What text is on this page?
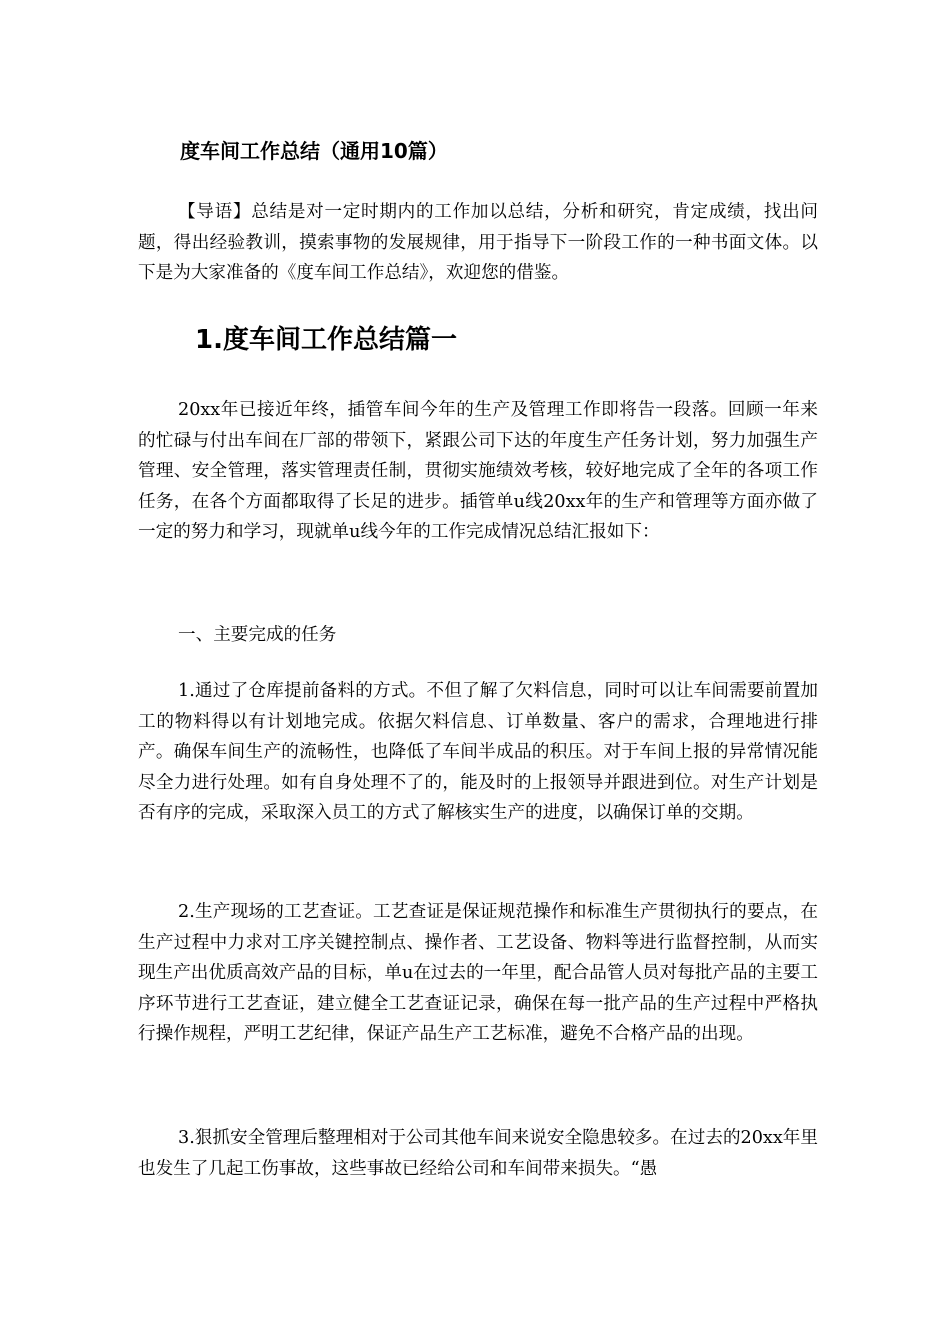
度车间工作总结（通用10篇）

【导语】总结是对一定时期内的工作加以总结，分析和研究，肯定成绩，找出问题，得出经验教训，摸索事物的发展规律，用于指导下一阶段工作的一种书面文体。以下是为大家准备的《度车间工作总结》，欢迎您的借鉴。

1.度车间工作总结篇一

20xx年已接近年终，插管车间今年的生产及管理工作即将告一段落。回顾一年来的忙碌与付出车间在厂部的带领下，紧跟公司下达的年度生产任务计划，努力加强生产管理、安全管理，落实管理责任制，贯彻实施绩效考核，较好地完成了全年的各项工作任务，在各个方面都取得了长足的进步。插管单u线20xx年的生产和管理等方面亦做了一定的努力和学习，现就单u线今年的工作完成情况总结汇报如下：

一、主要完成的任务

1.通过了仓库提前备料的方式。不但了解了欠料信息，同时可以让车间需要前置加工的物料得以有计划地完成。依据欠料信息、订单数量、客户的需求，合理地进行排产。确保车间生产的流畅性，也降低了车间半成品的积压。对于车间上报的异常情况能尽全力进行处理。如有自身处理不了的，能及时的上报领导并跟进到位。对生产计划是否有序的完成，采取深入员工的方式了解核实生产的进度，以确保订单的交期。

2.生产现场的工艺查证。工艺查证是保证规范操作和标准生产贯彻执行的要点，在生产过程中力求对工序关键控制点、操作者、工艺设备、物料等进行监督控制，从而实现生产出优质高效产品的目标，单u在过去的一年里，配合品管人员对每批产品的主要工序环节进行工艺查证，建立健全工艺查证记录，确保在每一批产品的生产过程中严格执行操作规程，严明工艺纪律，保证产品生产工艺标准，避免不合格产品的出现。

3.狠抓安全管理后整理相对于公司其他车间来说安全隐患较多。在过去的20xx年里也发生了几起工伤事故，这些事故已经给公司和车间带来损失。“愚
